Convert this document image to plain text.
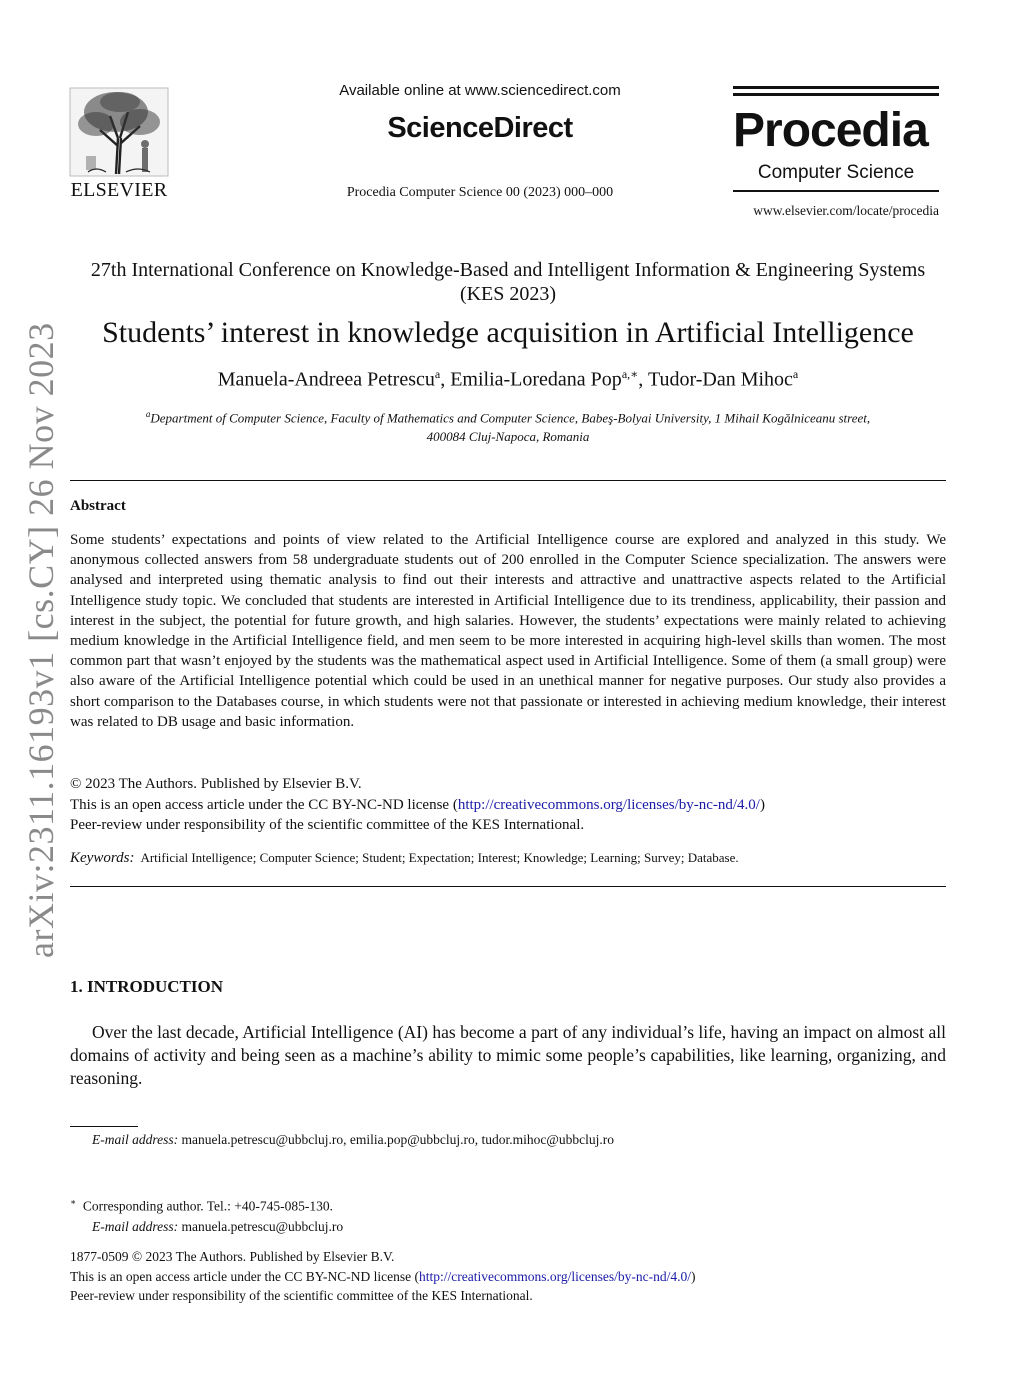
arXiv:2311.16193v1 [cs.CY] 26 Nov 2023
ELSEVIER
Available online at www.sciencedirect.com
ScienceDirect
Procedia Computer Science 00 (2023) 000–000
Procedia
Computer Science
www.elsevier.com/locate/procedia
27th International Conference on Knowledge-Based and Intelligent Information & Engineering Systems (KES 2023)
Students’ interest in knowledge acquisition in Artificial Intelligence
Manuela-Andreea Petrescu$^a$, Emilia-Loredana Pop$^{a,∗}$, Tudor-Dan Mihoc$^a$
$^a$Department of Computer Science, Faculty of Mathematics and Computer Science, Babeş-Bolyai University, 1 Mihail Kogălniceanu street,
400084 Cluj-Napoca, Romania
Abstract
Some students’ expectations and points of view related to the Artificial Intelligence course are explored and analyzed in this study. We anonymous collected answers from 58 undergraduate students out of 200 enrolled in the Computer Science specialization. The answers were analysed and interpreted using thematic analysis to find out their interests and attractive and unattractive aspects related to the Artificial Intelligence study topic. We concluded that students are interested in Artificial Intelligence due to its trendiness, applicability, their passion and interest in the subject, the potential for future growth, and high salaries. However, the students’ expectations were mainly related to achieving medium knowledge in the Artificial Intelligence field, and men seem to be more interested in acquiring high-level skills than women. The most common part that wasn’t enjoyed by the students was the mathematical aspect used in Artificial Intelligence. Some of them (a small group) were also aware of the Artificial Intelligence potential which could be used in an unethical manner for negative purposes. Our study also provides a short comparison to the Databases course, in which students were not that passionate or interested in achieving medium knowledge, their interest was related to DB usage and basic information.
© 2023 The Authors. Published by Elsevier B.V.
This is an open access article under the CC BY-NC-ND license (http://creativecommons.org/licenses/by-nc-nd/4.0/)
Peer-review under responsibility of the scientific committee of the KES International.
Keywords: Artificial Intelligence; Computer Science; Student; Expectation; Interest; Knowledge; Learning; Survey; Database.
1. INTRODUCTION
Over the last decade, Artificial Intelligence (AI) has become a part of any individual’s life, having an impact on almost all domains of activity and being seen as a machine’s ability to mimic some people’s capabilities, like learning, organizing, and reasoning.
E-mail address: manuela.petrescu@ubbcluj.ro, emilia.pop@ubbcluj.ro, tudor.mihoc@ubbcluj.ro
∗ Corresponding author. Tel.: +40-745-085-130.
E-mail address: manuela.petrescu@ubbcluj.ro
1877-0509 © 2023 The Authors. Published by Elsevier B.V.
This is an open access article under the CC BY-NC-ND license (http://creativecommons.org/licenses/by-nc-nd/4.0/)
Peer-review under responsibility of the scientific committee of the KES International.
